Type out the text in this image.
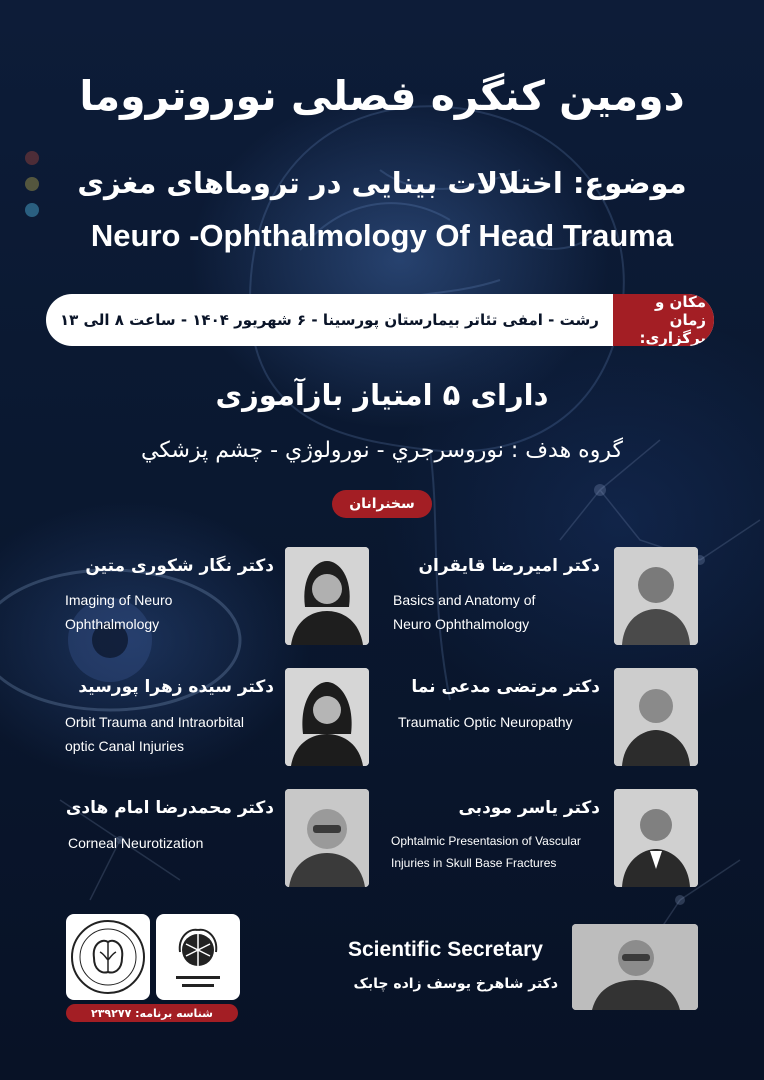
دومین کنگره فصلی نوروتروما
موضوع: اختلالات بینایی در تروماهای مغزی
Neuro -Ophthalmology Of Head Trauma
مکان و زمان برگزاری:
رشت - امفی تئاتر بیمارستان پورسینا - ۶ شهریور ۱۴۰۴ - ساعت ۸ الی ۱۳
دارای ۵ امتیاز بازآموزی
گروه هدف : نوروسرجري - نورولوژي - چشم پزشكي
سخنرانان
دکتر امیررضا قایقران
Basics and Anatomy of
Neuro Ophthalmology
دکتر نگار شکوری متین
Imaging of Neuro
Ophthalmology
دکتر مرتضی مدعی نما
Traumatic Optic Neuropathy
دکتر سیده زهرا پورسید
Orbit Trauma and Intraorbital
optic Canal Injuries
دکتر یاسر مودبی
Ophtalmic Presentasion of Vascular
Injuries in Skull Base Fractures
دکتر محمدرضا امام هادی
Corneal Neurotization
Scientific Secretary
دکتر شاهرخ یوسف زاده چابک
شناسه برنامه: ۲۳۹۲۷۷
